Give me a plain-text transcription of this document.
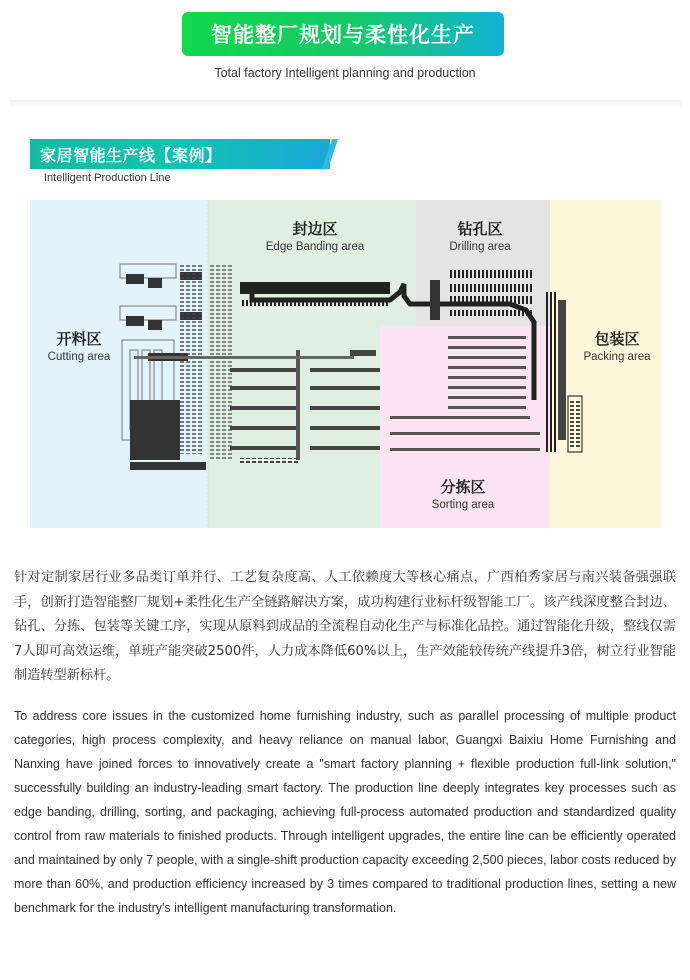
智能整厂规划与柔性化生产
Total factory Intelligent planning and production
家居智能生产线【案例】
Intelligent Production Line
开料区
Cutting area
封边区
Edge Banding area
钻孔区
Drilling area
包装区
Packing area
分拣区
Sorting area

针对定制家居行业多品类订单并行、工艺复杂度高、人工依赖度大等核心痛点，广西柏秀家居与南兴装备强强联手，创新打造智能整厂规划+柔性化生产全链路解决方案，成功构建行业标杆级智能工厂。该产线深度整合封边、钻孔、分拣、包装等关键工序，实现从原料到成品的全流程自动化生产与标准化品控。通过智能化升级，整线仅需7人即可高效运维，单班产能突破2500件，人力成本降低60%以上，生产效能较传统产线提升3倍，树立行业智能制造转型新标杆。

To address core issues in the customized home furnishing industry, such as parallel processing of multiple product categories, high process complexity, and heavy reliance on manual labor, Guangxi Baixiu Home Furnishing and Nanxing have joined forces to innovatively create a "smart factory planning + flexible production full-link solution," successfully building an industry-leading smart factory. The production line deeply integrates key processes such as edge banding, drilling, sorting, and packaging, achieving full-process automated production and standardized quality control from raw materials to finished products. Through intelligent upgrades, the entire line can be efficiently operated and maintained by only 7 people, with a single-shift production capacity exceeding 2,500 pieces, labor costs reduced by more than 60%, and production efficiency increased by 3 times compared to traditional production lines, setting a new benchmark for the industry's intelligent manufacturing transformation.
